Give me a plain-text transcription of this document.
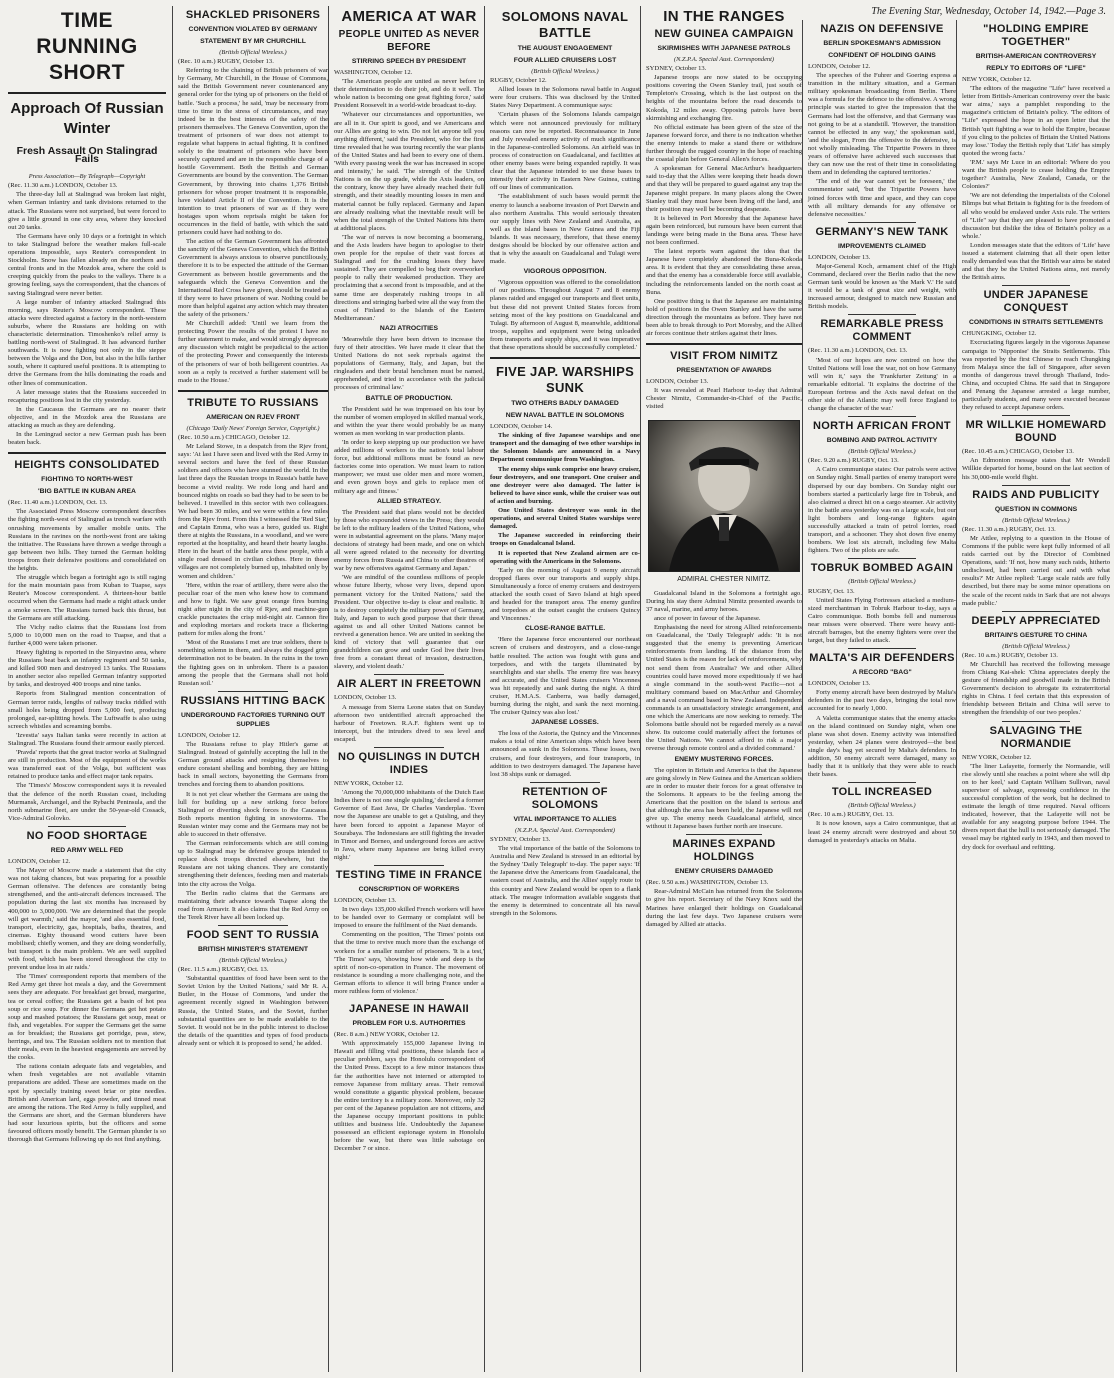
The Evening Star, Wednesday, October 14, 1942.—Page 3.
TIME RUNNING SHORT
Approach Of Russian Winter
Fresh Assault On Stalingrad Fails

Press Association—By Telegraph—Copyright

(Rec. 11.30 a.m.) LONDON, October 13.

The three-day lull at Stalingrad was broken last night, when German infantry and tank divisions returned to the attack. The Russians were not surprised, but were forced to give a little ground in one city area, where they knocked out 20 tanks.

The Germans have only 10 days or a fortnight in which to take Stalingrad before the weather makes full-scale operations impossible, says Reuter's correspondent in Stockholm. Snow has fallen already on the northern and central fronts and in the Mozdok area, where the cold is creeping quickly from the peaks to the valleys. There is a growing feeling, says the correspondent, that the chances of saving Stalingrad were never better.

A large number of infantry attacked Stalingrad this morning, says Reuter's Moscow correspondent. These attacks were directed against a factory in the north-western suburbs, where the Russians are holding on with characteristic determination. Timoshenko's relief army is battling north-west of Stalingrad. It has advanced further southwards. It is now fighting not only in the steppe between the Volga and the Don, but also in the hills farther south, where it captured useful positions. It is attempting to drive the Germans from the hills dominating the roads and other lines of communication.

A later message states that the Russians succeeded in recapturing positions lost in the city yesterday.

In the Caucasus the Germans are no nearer their objective, and in the Mozdok area the Russians are attacking as much as they are defending.

In the Leningrad sector a new German push has been beaten back.

HEIGHTS CONSOLIDATED
FIGHTING TO NORTH-WEST
'BIG BATTLE IN KUBAN AREA

(Rec. 11.40 a.m.) LONDON, Oct. 13.

The Associated Press Moscow correspondent describes the fighting north-west of Stalingrad as trench warfare with onrushing movements by smaller mobile units. The Russians in the ravines on the north-west front are taking the initiative. The Russians have thrown a wedge through a gap between two hills. They turned the German holding troops from their defensive positions and consolidated on the heights.

The struggle which began a fortnight ago is still raging for the main mountain pass from Kuban to Tuapse, says Reuter's Moscow correspondent. A thirteen-hour battle occurred when the Germans had made a night attack under a smoke screen. The Russians turned back this thrust, but the Germans are still attacking.

The Vichy radio claims that the Russians lost from 5,000 to 10,000 men on the road to Tuapse, and that a further 4,000 were taken prisoner.

Heavy fighting is reported in the Sinyavino area, where the Russians beat back an infantry regiment and 50 tanks, and killed 900 men and destroyed 13 tanks. The Russians in another sector also repelled German infantry supported by tanks, and destroyed 400 troops and nine tanks.

Reports from Stalingrad mention concentration of German terror raids, lengths of railway tracks riddled with small holes being dropped from 5,000 feet, producing prolonged, ear-splitting howls. The Luftwaffe is also using screech whistles and screaming bombs.

'Izvestia' says Italian tanks were recently in action at Stalingrad. The Russians found their armour easily pierced.

'Pravda' reports that the great tractor works at Stalingrad are still in production. Most of the equipment of the works was transferred east of the Volga, but sufficient was retained to produce tanks and effect major tank repairs.

The 'Times's' Moscow correspondent says it is revealed that the defence of the north Russian coast, including Murmansk, Archangel, and the Rybachi Peninsula, and the north submarine fleet, are under the 50-year-old Cossack, Vice-Admiral Golovko.

NO FOOD SHORTAGE
RED ARMY WELL FED

LONDON, October 12.

The Mayor of Moscow made a statement that the city was not taking chances, but was preparing for a possible German offensive. The defences are constantly being strengthened, and the anti-aircraft defences increased. The population during the last six months has increased by 400,000 to 3,000,000. 'We are determined that the people will get warmth,' said the mayor, 'and also essential food, transport, electricity, gas, hospitals, baths, theatres, and cinemas. Eighty thousand wood cutters have been mobilised; chiefly women, and they are doing wonderfully, but transport is the main problem. We are well supplied with food, which has been stored throughout the city to prevent undue loss in air raids.'

The 'Times' correspondent reports that members of the Red Army get three hot meals a day, and the Government sees they are adequate. For breakfast get bread, margarine, tea or cereal coffee; the Russians get a basin of hot pea soup or rice soup. For dinner the Germans get hot potato soup and mashed potatoes; the Russians get soup, meat or fish, and vegetables. For supper the Germans get the same as for breakfast; the Russians get porridge, peas, stew, herrings, and tea. The Russian soldiers not to mention that their meals, even in the heaviest engagements are served by the cooks.

The rations contain adequate fats and vegetables, and when fresh vegetables are not available vitamin preparations are added. These are sometimes made on the spot by specially training sweet briar or pine needles. British and American lard, eggs powder, and tinned meat are among the rations. The Red Army is fully supplied, and the Germans are short, and the German blunderers have had sour luxurious spirits, but the officers and some favoured officers mostly benefit. The German plunder is so thorough that Germans following up do not find anything.

SHACKLED PRISONERS
CONVENTION VIOLATED BY GERMANY
STATEMENT BY MR CHURCHILL

(British Official Wireless.)

(Rec. 10 a.m.) RUGBY, October 13.

Referring to the chaining of British prisoners of war by Germany, Mr Churchill, in the House of Commons, said the British Government never countenanced any general order for the tying up of prisoners on the field of battle. 'Such a process,' he said, 'may be necessary from time to time in the stress of circumstances, and may indeed be in the best interests of the safety of the prisoners themselves. The Geneva Convention, upon the treatment of prisoners of war does not attempt to regulate what happens in actual fighting. It is confined solely to the treatment of prisoners who have been securely captured and are in the responsible charge of a hostile Government. Both the British and German Governments are bound by the convention. The German Government, by throwing into chains 1,376 British prisoners for whose proper treatment it is responsible, have violated Article II of the Convention. It is the intention to treat prisoners of war as if they were hostages upon whom reprisals might be taken for occurrences in the field of battle, with which the said prisoners could have had nothing to do.

The action of the German Government has affronted the sanctity of the Geneva Convention, which the British Government is always anxious to observe punctiliously, therefore it is to be expected the attitude of the German Government as between hostile governments and the safeguards which the Geneva Convention and the International Red Cross have given, should be treated as if they were to have prisoners of war. Nothing could be more than helpful against any action which may threaten the safety of the prisoners.'

Mr Churchill added: 'Until we learn from the protecting Power the results of the protest I have no further statement to make, and would strongly deprecate any discussion which might be prejudicial to the action of the protecting Power and consequently the interests of the prisoners of war of both belligerent countries. As soon as a reply is received a further statement will be made to the House.'

TRIBUTE TO RUSSIANS
AMERICAN ON RJEV FRONT

(Chicago 'Daily News' Foreign Service, Copyright.)

(Rec. 10.50 a.m.) CHICAGO, October 12.

Mr Leland Stowe, in a despatch from the Rjev front, says: 'At last I have seen and lived with the Red Army in several sectors and have the feel of these Russian soldiers and officers who have stunned the world. In the last three days the Russian troops in Russia's battle have become a vivid reality. We rode long and hard and bounced nights on roads so bad they had to be seen to be believed. I travelled in this sector with two colleagues. We had been 30 miles, and we were within a few miles from the Rjev front. From this I witnessed the 'Red Star,' and Captain Emma, who was a hero, guided us. Right there at nights the Russians, in a woodland, and we were reported at the hospitality, and heard their hearty laughs. Here in the heart of the battle area these people, with a single road dressed in civilian clothes. Here in these villages are not completely burned up, inhabited only by women and children.'

'Here, within the roar of artillery, there were also the peculiar roar of the men who knew how to command and how to fight. We saw great orange fires burning night after night in the city of Rjev, and machine-gun crackle punctuates the crisp mid-night air. Cannon fire and exploding mortars and rockets trace a flickering pattern for miles along the front.'

'Most of the Russians I met are true soldiers, there is something solemn in them, and always the dogged grim determination not to be beaten. In the ruins in the town the fighting goes on in unbroken. There is a passion among the people that the Germans shall not hold Russian soil.'

RUSSIANS HITTING BACK
UNDERGROUND FACTORIES TURNING OUT SUPPLIES

LONDON, October 12.

The Russians refuse to play Hitler's game at Stalingrad. Instead of gainfully accepting the lull in the German ground attacks and resigning themselves to endure constant shelling and bombing, they are hitting back in small sectors, bayonetting the Germans from trenches and forcing them to abandon positions.

It is not yet clear whether the Germans are using the lull for building up a new striking force before Stalingrad or diverting shock forces to the Caucasus. Both reports mention fighting in snowstorms. The Russian winter may come and the Germans may not be able to succeed in their offensive.

The German reinforcements which are still coming up to Stalingrad may be defensive groups intended to replace shock troops directed elsewhere, but the Russians are not taking chances. They are constantly strengthening their defences, feeding men and materials into the city across the Volga.

The Berlin radio claims that the Germans are maintaining their advance towards Tuapse along the road from Armavir. It also claims that the Red Army on the Terek River have all been locked up.

FOOD SENT TO RUSSIA
BRITISH MINISTER'S STATEMENT

(British Official Wireless.)

(Rec. 11.5 a.m.) RUGBY, Oct. 13.

'Substantial quantities of food have been sent to the Soviet Union by the United Nations,' said Mr R. A. Butler, in the House of Commons, 'and under the agreement recently signed in Washington between Russia, the United States, and the Soviet, further substantial quantities are to be made available to the Soviet. It would not be in the public interest to disclose the details of the quantities and types of food products already sent or which it is proposed to send,' he added.

AMERICA AT WAR
PEOPLE UNITED AS NEVER BEFORE
STIRRING SPEECH BY PRESIDENT

WASHINGTON, October 12.

'The American people are united as never before in their determination to do their job, and do it well. The whole nation is becoming one great fighting force,' said President Roosevelt in a world-wide broadcast to-day.

'Whatever our circumstances and opportunities, we are all in it. Our spirit is good, and we Americans and our Allies are going to win. Do not let anyone tell you anything different,' said the President, who for the first time revealed that he was touring recently the war plants of the United States and had been to every one of them. 'With every passing week the war has increased in scope and intensity,' he said. 'The strength of the United Nations is on the up grade, while the Axis leaders, on the contrary, know they have already reached their full strength, and their steadily mounting losses in men and material cannot be fully replaced. Germany and Japan are already realising what the inevitable result will be when the total strength of the United Nations hits them at additional places.

'The war of nerves is now becoming a boomerang, and the Axis leaders have begun to apologise to their own people for the repulse of their vast forces at Stalingrad and for the crushing losses they have sustained. They are compelled to beg their overworked people to rally their weakened production. They are proclaiming that a second front is impossible, and at the same time are desperately rushing troops in all directions and stringing barbed wire all the way from the coast of Finland to the Islands of the Eastern Mediterranean.'

NAZI ATROCITIES

'Meanwhile they have been driven to increase the fury of their atrocities. We have made it clear that the United Nations do not seek reprisals against the populations of Germany, Italy, and Japan, but the ringleaders and their brutal henchmen must be named, apprehended, and tried in accordance with the judicial processes of criminal law.'

BATTLE OF PRODUCTION.

The President said he was impressed on his tour by the number of women employed in skilled manual work, and within the year there would probably be as many women as men working in war production plants.

'In order to keep stepping up our production we have added millions of workers to the nation's total labour force, but additional millions must be found as new factories come into operation. We must learn to ration manpower; we must use older men and more women, and even grown boys and girls to replace men of military age and fitness.'

ALLIED STRATEGY.

The President said that plans would not be decided by those who expounded views in the Press; they would be left to the military leaders of the United Nations, who were in substantial agreement on the plans. 'Many major decisions of strategy had been made, and one on which all were agreed related to the necessity for diverting enemy forces from Russia and China to other theatres of war by new offensives against Germany and Japan.'

'We are mindful of the countless millions of people whose future liberty, whose very lives, depend upon permanent victory for the United Nations,' said the President. 'Our objective to-day is clear and realistic. It is to destroy completely the military power of Germany, Italy, and Japan to such good purpose that their threat against us and all other United Nations cannot be revived a generation hence. We are united in seeking the kind of victory that will guarantee that our grandchildren can grow and under God live their lives free from a constant threat of invasion, destruction, slavery, and violent death.'

AIR ALERT IN FREETOWN

LONDON, October 13.

A message from Sierra Leone states that on Sunday afternoon two unidentified aircraft approached the harbour of Freetown. R.A.F. fighters went up to intercept, but the intruders dived to sea level and escaped.

NO QUISLINGS IN DUTCH INDIES

NEW YORK, October 12.

'Among the 70,000,000 inhabitants of the Dutch East Indies there is not one single quisling,' declared a former Governor of East Java, Dr Charles Vanderplas. 'Even now the Japanese are unable to get a Quisling, and they have been forced to appoint a Japanese Mayor of Sourabaya. The Indonesians are still fighting the invader in Timor and Borneo, and underground forces are active in Java, where many Japanese are being killed every night.'

TESTING TIME IN FRANCE
CONSCRIPTION OF WORKERS

LONDON, October 13.

In two days 135,000 skilled French workers will have to be handed over to Germany or complaint will be imposed to ensure the fulfilment of the Nazi demands.

Commenting on the position, 'The Times' points out that the time to revive much more than the exchange of workers for a smaller number of prisoners. 'It is a test,' 'The Times' says, 'showing how wide and deep is the spirit of non-co-operation in France. The movement of resistance is sounding a more challenging note, and the German efforts to silence it will bring France under a more ruthless form of violence.'

JAPANESE IN HAWAII
PROBLEM FOR U.S. AUTHORITIES

(Rec. 8 a.m.) NEW YORK, October 12.

With approximately 155,000 Japanese living in Hawaii and filling vital positions, these islands face a peculiar problem, says the Honolulu correspondent of the United Press. Except to a few minor instances thus far the authorities have not interned or attempted to remove Japanese from military areas. Their removal would constitute a gigantic physical problem, because the entire territory is a military zone. Moreover, only 32 per cent of the Japanese population are not citizens, and the Japanese occupy important positions in public utilities and business life. Undoubtedly the Japanese possessed an efficient espionage system in Honolulu before the war, but there was little sabotage on December 7 or since.

SOLOMONS NAVAL BATTLE
THE AUGUST ENGAGEMENT
FOUR ALLIED CRUISERS LOST

(British Official Wireless.)

RUGBY, October 12.

Allied losses in the Solomons naval battle in August were four cruisers. This was disclosed by the United States Navy Department. A communique says:

'Certain phases of the Solomons Islands campaign which were not announced previously for military reasons can now be reported. Reconnaissance in June and July revealed enemy activity of much significance in the Japanese-controlled Solomons. An airfield was in process of construction on Guadalcanal, and facilities at other enemy bases were being expanded rapidly. It was clear that the Japanese intended to use these bases to intensify their activity in Eastern New Guinea, cutting off our lines of communication.

'The establishment of such bases would permit the enemy to launch a seaborne invasion of Port Darwin and also northern Australia. This would seriously threaten our supply lines with New Zealand and Australia, as well as the island bases in New Guinea and the Fiji Islands. It was necessary, therefore, that these enemy designs should be blocked by our offensive action and that is why the assault on Guadalcanal and Tulagi were made.

VIGOROUS OPPOSITION.

'Vigorous opposition was offered to the consolidation of our positions. Throughout August 7 and 8 enemy planes raided and engaged our transports and fleet units, but these did not prevent United States forces from seizing most of the key positions on Guadalcanal and Tulagi. By afternoon of August 8, meanwhile, additional troops, supplies and equipment were being unloaded from transports and supply ships, and it was imperative that these operations should be successfully completed.'

FIVE JAP. WARSHIPS SUNK
TWO OTHERS BADLY DAMAGED
NEW NAVAL BATTLE IN SOLOMONS

LONDON, October 14.

The sinking of five Japanese warships and one transport and the damaging of two other warships in the Solomon Islands are announced in a Navy Department communique from Washington.

The enemy ships sunk comprise one heavy cruiser, four destroyers, and one transport. One cruiser and one destroyer were also damaged. The latter is believed to have since sunk, while the cruiser was out of action and burning.

One United States destroyer was sunk in the operations, and several United States warships were damaged.

The Japanese succeeded in reinforcing their troops on Guadalcanal Island.

It is reported that New Zealand airmen are co-operating with the Americans in the Solomons.

'Early on the morning of August 9 enemy aircraft dropped flares over our transports and supply ships. Simultaneously a force of enemy cruisers and destroyers attacked the south coast of Savo Island at high speed and headed for the transport area. The enemy gunfire and torpedoes at the outset caught the cruisers Quincy and Vincennes.'

CLOSE-RANGE BATTLE.

'Here the Japanese force encountered our northeast screen of cruisers and destroyers, and a close-range battle resulted. The action was fought with guns and torpedoes, and with the targets illuminated by searchlights and star shells. The enemy fire was heavy and accurate, and the United States cruisers Vincennes was hit repeatedly and sank during the night. A third cruiser, H.M.A.S. Canberra, was badly damaged, burning during the night, and sank the next morning. The cruiser Quincy was also lost.'

JAPANESE LOSSES.

The loss of the Astoria, the Quincy and the Vincennes makes a total of nine American ships which have been announced as sunk in the Solomons. These losses, two cruisers, and four destroyers, and four transports, in addition to two destroyers damaged. The Japanese have lost 38 ships sunk or damaged.

RETENTION OF SOLOMONS
VITAL IMPORTANCE TO ALLIES

(N.Z.P.A. Special Aust. Correspondent)

SYDNEY, October 13.

The vital importance of the battle of the Solomons to Australia and New Zealand is stressed in an editorial by the Sydney 'Daily Telegraph' to-day. The paper says: 'If the Japanese drive the Americans from Guadalcanal, the eastern coast of Australia, and the Allies' supply route to this country and New Zealand would be open to a flank attack. The meagre information available suggests that the enemy is determined to concentrate all his naval strength in the Solomons.

IN THE RANGES
NEW GUINEA CAMPAIGN
SKIRMISHES WITH JAPANESE PATROLS

(N.Z.P.A. Special Aust. Correspondent)

SYDNEY, October 13.

Japanese troops are now stated to be occupying positions covering the Owen Stanley trail, just south of Templeton's Crossing, which is the last outpost on the heights of the mountains before the road descends to Kokoda, 12 miles away. Opposing patrols have been skirmishing and exchanging fire.

No official estimate has been given of the size of the Japanese forward force, and there is no indication whether the enemy intends to make a stand there or withdraw further through the rugged country in the hope of reaching the coastal plain before General Allen's forces.

A spokesman for General MacArthur's headquarters said to-day that the Allies were keeping their heads down and that they will be prepared to guard against any trap the Japanese might prepare. In many places along the Owen Stanley trail they must have been living off the land, and their position may well be becoming desperate.

It is believed in Port Moresby that the Japanese have again been reinforced, but rumours have been current that landings were being made in the Buna area. These have not been confirmed.

The latest reports warn against the idea that the Japanese have completely abandoned the Buna-Kokoda area. It is evident that they are consolidating these areas, and that the enemy has a considerable force still available, including the reinforcements landed on the north coast at Buna.

One positive thing is that the Japanese are maintaining hold of positions in the Owen Stanley and have the same direction through the mountains as before. They have not been able to break through to Port Moresby, and the Allied air forces continue their strikes against their lines.

VISIT FROM NIMITZ
PRESENTATION OF AWARDS

LONDON, October 13.

It was revealed at Pearl Harbour to-day that Admiral Chester Nimitz, Commander-in-Chief of the Pacific, visited

ADMIRAL CHESTER NIMITZ.

Guadalcanal Island in the Solomons a fortnight ago. During his stay there Admiral Nimitz presented awards to 37 naval, marine, and army heroes.

ance of power in favour of the Japanese.

Emphasising the need for strong Allied reinforcements on Guadalcanal, the 'Daily Telegraph' adds: 'It is not suggested that the enemy is preventing American reinforcements from landing. If the distance from the United States is the reason for lack of reinforcements, why not send them from Australia? We and other Allied countries could have moved more expeditiously if we had a single command in the south-west Pacific—not a multitary command based on MacArthur and Ghormley and a naval command based in New Zealand. Independent commands is an unsatisfactory strategic arrangement, and one which the Americans are now seeking to remedy. The Solomons battle should not be regarded merely as a naval show. Its outcome could materially affect the fortunes of the United Nations. We cannot afford to risk a major reverse through remote control and a divided command.'

ENEMY MUSTERING FORCES.

The opinion in Britain and America is that the Japanese are going slowly in New Guinea and the American soldiers are in order to muster their forces for a great offensive in the Solomons. It appears to be the feeling among the Americans that the position on the island is serious and that although the area has been held, the Japanese will not give up. The enemy needs Guadalcanal airfield, since without it Japanese bases further north are insecure.

MARINES EXPAND HOLDINGS
ENEMY CRUISERS DAMAGED

(Rec. 9.50 a.m.) WASHINGTON, October 13.

Rear-Admiral McCain has returned from the Solomons to give his report. Secretary of the Navy Knox said the Marines have enlarged their holdings on Guadalcanal during the last few days. Two Japanese cruisers were damaged by Allied air attacks.

NAZIS ON DEFENSIVE
BERLIN SPOKESMAN'S ADMISSION
CONFIDENT OF HOLDING GAINS

LONDON, October 12.

The speeches of the Fuhrer and Goering express a transition in the military situation, and a German military spokesman broadcasting from Berlin. There was a formula for the defence to the offensive. A wrong principle was started to give the impression that the Germans had lost the offensive, and that Germany was not going to be at a standstill. 'However, the transition cannot be effected in any way,' the spokesman said, 'and the slogan, From the offensive to the defensive, is not wholly misleading. The Tripartite Powers in three years of offensive have achieved such successes that they can now use the rest of their time in consolidating them and in defending the captured territories.'

'The end of the war cannot yet be foreseen,' the commentator said, 'but the Tripartite Powers have joined forces with time and space, and they can cope with all military demands for any offensive or defensive necessities.'

GERMANY'S NEW TANK
IMPROVEMENTS CLAIMED

LONDON, October 13.

Major-General Koch, armament chief of the High Command, declared over the Berlin radio that the new German tank would be known as 'the Mark V.' He said it would be a tank of great size and weight, with increased armour, designed to match new Russian and British models.

REMARKABLE PRESS COMMENT

(Rec. 11.30 a.m.) LONDON, Oct. 13.

'Most of our hopes are now centred on how the United Nations will lose the war, not on how Germany will win it,' says the 'Frankfurter Zeitung' in a remarkable editorial. 'It explains the doctrine of the European fortress and the Axis naval defeat on the other side of the Atlantic may well force England to change the character of the war.'

NORTH AFRICAN FRONT
BOMBING AND PATROL ACTIVITY

(British Official Wireless.)

(Rec. 9.20 a.m.) RUGBY, Oct. 13.

A Cairo communique states: Our patrols were active on Sunday night. Small parties of enemy transport were dispersed by our day bombers. On Sunday night our bombers started a particularly large fire in Tobruk, and also claimed a direct hit on a cargo steamer. Air activity in the battle area yesterday was on a large scale, but our light bombers and long-range fighters again successfully attacked a train of petrol lorries, road transport, and a schooner. They shot down five enemy bombers. We lost six aircraft, including few Malta fighters. Two of the pilots are safe.

TOBRUK BOMBED AGAIN

(British Official Wireless.)

RUGBY, Oct. 13.

United States Flying Fortresses attacked a medium-sized merchantman in Tobruk Harbour to-day, says a Cairo communique. Both bombs fell and numerous near misses were observed. There were heavy anti-aircraft barrages, but the enemy fighters were over the target, but they failed to attack.

MALTA'S AIR DEFENDERS
A RECORD "BAG"

LONDON, October 13.

Forty enemy aircraft have been destroyed by Malta's defenders in the past two days, bringing the total now accounted for to nearly 1,000.

A Valetta communique states that the enemy attacks on the island continued on Sunday night, when one plane was shot down. Enemy activity was intensified yesterday, when 24 planes were destroyed—the best single day's bag yet secured by Malta's defenders. In addition, 50 enemy aircraft were damaged, many so badly that it is unlikely that they were able to reach their bases.

TOLL INCREASED

(British Official Wireless.)

(Rec. 10 a.m.) RUGBY, Oct. 13.

It is now known, says a Cairo communique, that at least 24 enemy aircraft were destroyed and about 50 damaged in yesterday's attacks on Malta.

"HOLDING EMPIRE TOGETHER"
BRITISH-AMERICAN CONTROVERSY
REPLY TO EDITORS OF "LIFE"

NEW YORK, October 12.

'The editors of the magazine "Life" have received a letter from British-American controversy over the basic war aims,' says a pamphlet responding to the magazine's criticism of Britain's policy. 'The editors of "Life" expressed the hope in an open letter that the British 'quit fighting a war to hold the Empire, because if you cling to the policies of Britain the United Nations may lose.' Today the British reply that 'Life' has simply quoted the wrong facts.'

'P.M.' says Mr Luce in an editorial: 'Where do you want the British people to cease holding the Empire together? Australia, New Zealand, Canada, or the Colonies?'

'We are not defending the imperialists of the Colonel Blimps but what Britain is fighting for is the freedom of all who would be enslaved under Axis rule. The writers of "Life" say that they are pleased to have promoted a discussion but dislike the idea of Britain's policy as a whole.'

London messages state that the editors of 'Life' have issued a statement claiming that all their open letter really demanded was that the British war aims be stated and that they be the United Nations aims, not merely the British aims.

UNDER JAPANESE CONQUEST
CONDITIONS IN STRAITS SETTLEMENTS

CHUNGKING, October 12.

Excruciating figures largely in the vigorous Japanese campaign to 'Nipponise' the Straits Settlements. This was reported by the first Chinese to reach Chungking from Malaya since the fall of Singapore, after seven months of dangerous travel through Thailand, Indo-China, and occupied China. He said that in Singapore and Penang the Japanese arrested a large number, particularly students, and many were executed because they refused to accept Japanese orders.

MR WILLKIE HOMEWARD BOUND

(Rec. 10.45 a.m.) CHICAGO, October 13.

An Edmonton message states that Mr Wendell Willkie departed for home, bound on the last section of his 30,000-mile world flight.

RAIDS AND PUBLICITY
QUESTION IN COMMONS

(British Official Wireless.)

(Rec. 11.30 a.m.) RUGBY, Oct. 13.

Mr Attlee, replying to a question in the House of Commons if the public were kept fully informed of all raids carried out by the Director of Combined Operations, said: 'If not, how many such raids, hitherto undisclosed, had been carried out and with what results?' Mr Attlee replied: 'Large scale raids are fully described, but there may be some minor operations on the scale of the recent raids in Sark that are not always made public.'

DEEPLY APPRECIATED
BRITAIN'S GESTURE TO CHINA

(British Official Wireless.)

(Rec. 10 a.m.) RUGBY, October 13.

Mr Churchill has received the following message from Chiang Kai-shek: 'China appreciates deeply the gesture of friendship and goodwill made in the British Government's decision to abrogate its extraterritorial rights in China. I feel certain that this expression of friendship between Britain and China will serve to strengthen the friendship of our two peoples.'

SALVAGING THE NORMANDIE

NEW YORK, October 12.

'The liner Lafayette, formerly the Normandie, will rise slowly until she reaches a point where she will dip on to her keel,' said Captain William Sullivan, naval supervisor of salvage, expressing confidence in the successful completion of the work, but he declined to estimate the length of time required. Naval officers indicated, however, that the Lafayette will not be available for any seagoing purpose before 1944. The divers report that the hull is not seriously damaged. The vessel may be righted early in 1943, and then moved to dry dock for overhaul and refitting.
